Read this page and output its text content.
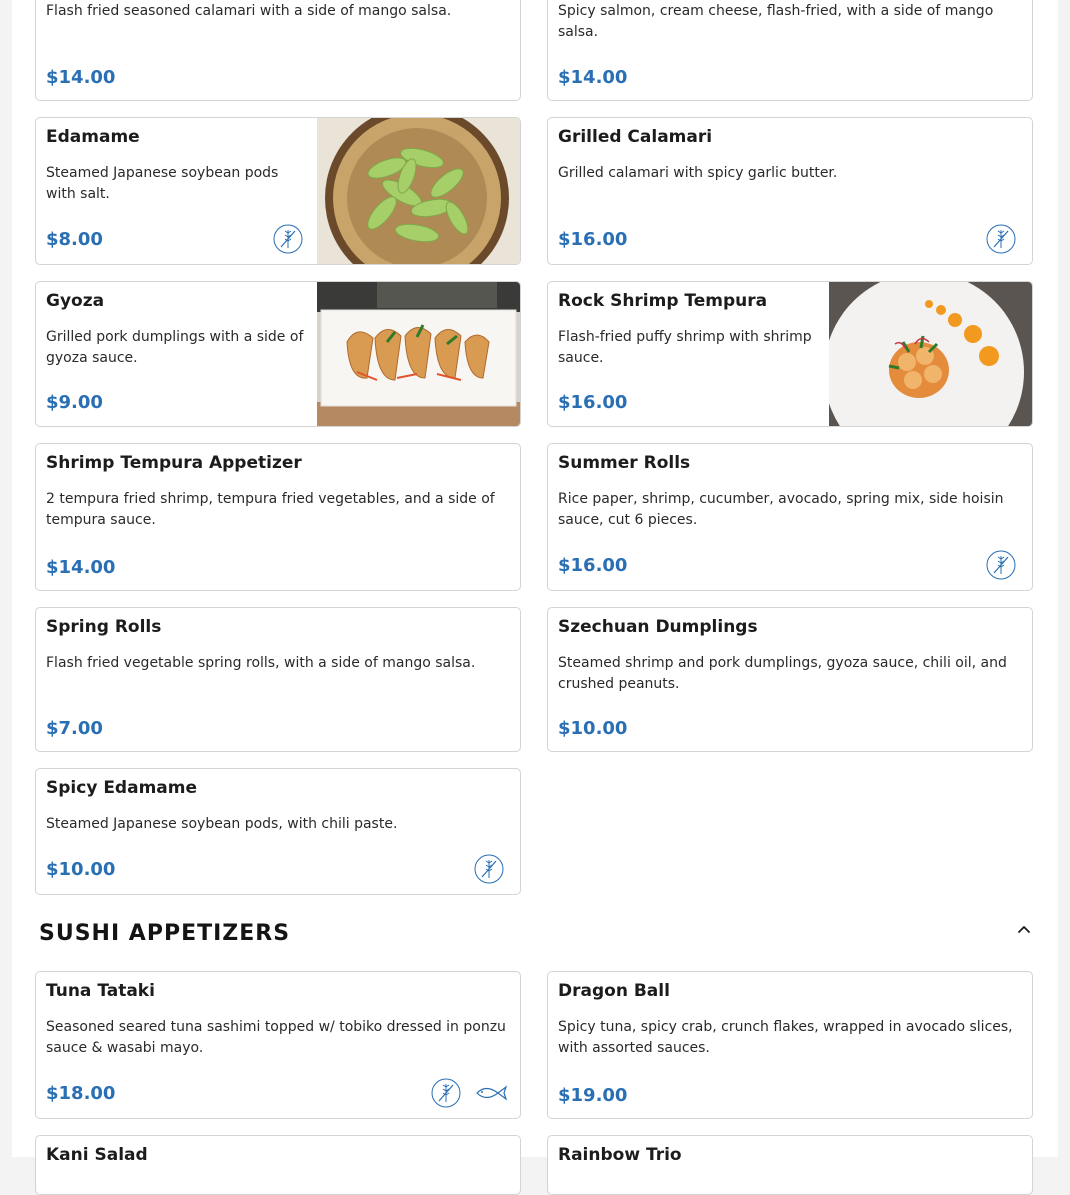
Flash fried seasoned calamari with a side of mango salsa.
$14.00
Spicy salmon, cream cheese, flash-fried, with a side of mango salsa.
$14.00
Edamame
Steamed Japanese soybean pods with salt.
$8.00
Grilled Calamari
Grilled calamari with spicy garlic butter.
$16.00
Gyoza
Grilled pork dumplings with a side of gyoza sauce.
$9.00
Rock Shrimp Tempura
Flash-fried puffy shrimp with shrimp sauce.
$16.00
Shrimp Tempura Appetizer
2 tempura fried shrimp, tempura fried vegetables, and a side of tempura sauce.
$14.00
Summer Rolls
Rice paper, shrimp, cucumber, avocado, spring mix, side hoisin sauce, cut 6 pieces.
$16.00
Spring Rolls
Flash fried vegetable spring rolls, with a side of mango salsa.
$7.00
Szechuan Dumplings
Steamed shrimp and pork dumplings, gyoza sauce, chili oil, and crushed peanuts.
$10.00
Spicy Edamame
Steamed Japanese soybean pods, with chili paste.
$10.00
SUSHI APPETIZERS
Tuna Tataki
Seasoned seared tuna sashimi topped w/ tobiko dressed in ponzu sauce & wasabi mayo.
$18.00
Dragon Ball
Spicy tuna, spicy crab, crunch flakes, wrapped in avocado slices, with assorted sauces.
$19.00
Kani Salad	Rainbow Trio
